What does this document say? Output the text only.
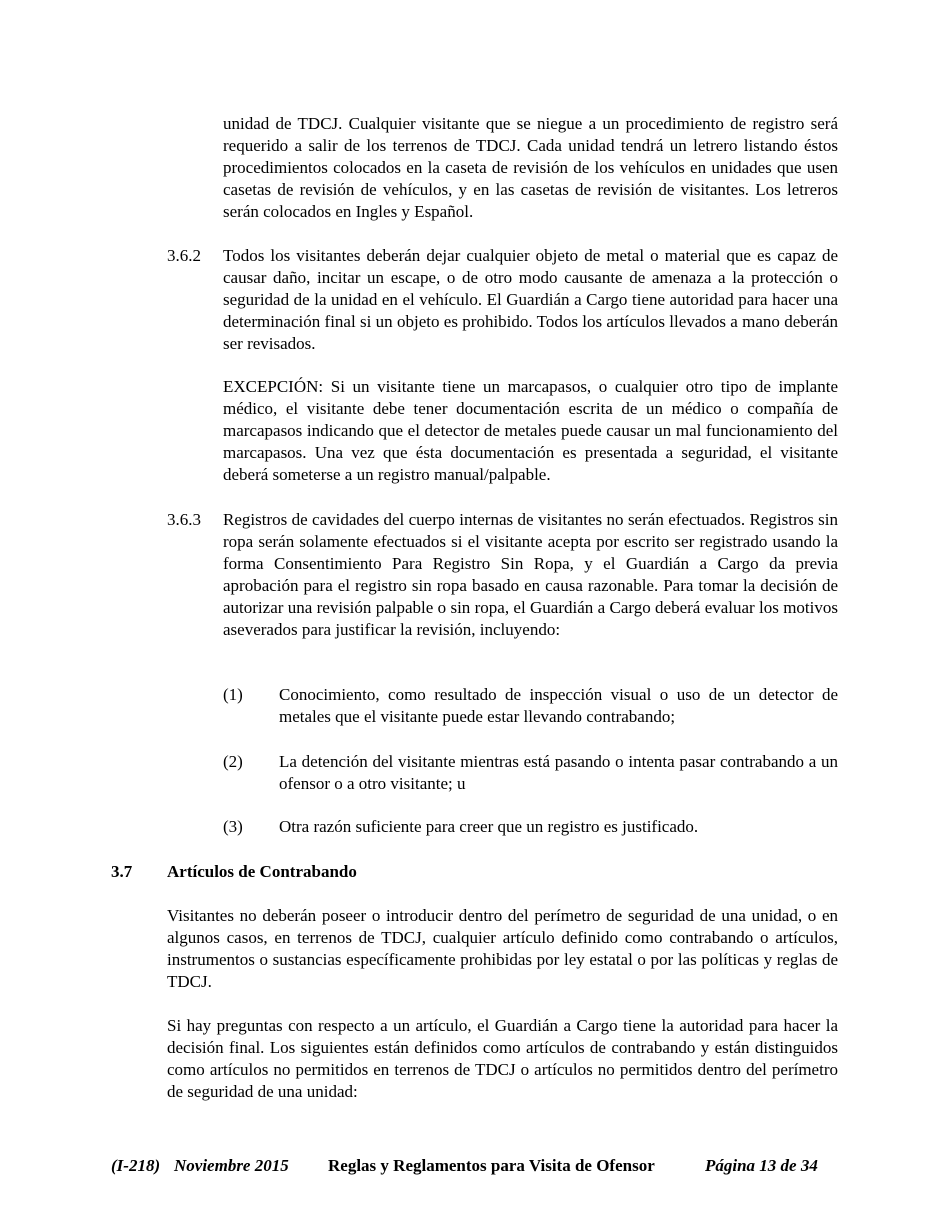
unidad de TDCJ. Cualquier visitante que se niegue a un procedimiento de registro será requerido a salir de los terrenos de TDCJ. Cada unidad tendrá un letrero listando éstos procedimientos colocados en la caseta de revisión de los vehículos en unidades que usen casetas de revisión de vehículos, y en las casetas de revisión de visitantes. Los letreros serán colocados en Ingles y Español.

3.6.2 Todos los visitantes deberán dejar cualquier objeto de metal o material que es capaz de causar daño, incitar un escape, o de otro modo causante de amenaza a la protección o seguridad de la unidad en el vehículo. El Guardián a Cargo tiene autoridad para hacer una determinación final si un objeto es prohibido. Todos los artículos llevados a mano deberán ser revisados.

EXCEPCIÓN: Si un visitante tiene un marcapasos, o cualquier otro tipo de implante médico, el visitante debe tener documentación escrita de un médico o compañía de marcapasos indicando que el detector de metales puede causar un mal funcionamiento del marcapasos. Una vez que ésta documentación es presentada a seguridad, el visitante deberá someterse a un registro manual/palpable.

3.6.3 Registros de cavidades del cuerpo internas de visitantes no serán efectuados. Registros sin ropa serán solamente efectuados si el visitante acepta por escrito ser registrado usando la forma Consentimiento Para Registro Sin Ropa, y el Guardián a Cargo da previa aprobación para el registro sin ropa basado en causa razonable. Para tomar la decisión de autorizar una revisión palpable o sin ropa, el Guardián a Cargo deberá evaluar los motivos aseverados para justificar la revisión, incluyendo:

(1) Conocimiento, como resultado de inspección visual o uso de un detector de metales que el visitante puede estar llevando contrabando;

(2) La detención del visitante mientras está pasando o intenta pasar contrabando a un ofensor o a otro visitante; u

(3) Otra razón suficiente para creer que un registro es justificado.

3.7 Artículos de Contrabando

Visitantes no deberán poseer o introducir dentro del perímetro de seguridad de una unidad, o en algunos casos, en terrenos de TDCJ, cualquier artículo definido como contrabando o artículos, instrumentos o sustancias específicamente prohibidas por ley estatal o por las políticas y reglas de TDCJ.

Si hay preguntas con respecto a un artículo, el Guardián a Cargo tiene la autoridad para hacer la decisión final. Los siguientes están definidos como artículos de contrabando y están distinguidos como artículos no permitidos en terrenos de TDCJ o artículos no permitidos dentro del perímetro de seguridad de una unidad:

(I-218) Noviembre 2015 Reglas y Reglamentos para Visita de Ofensor	Página 13 de 34
